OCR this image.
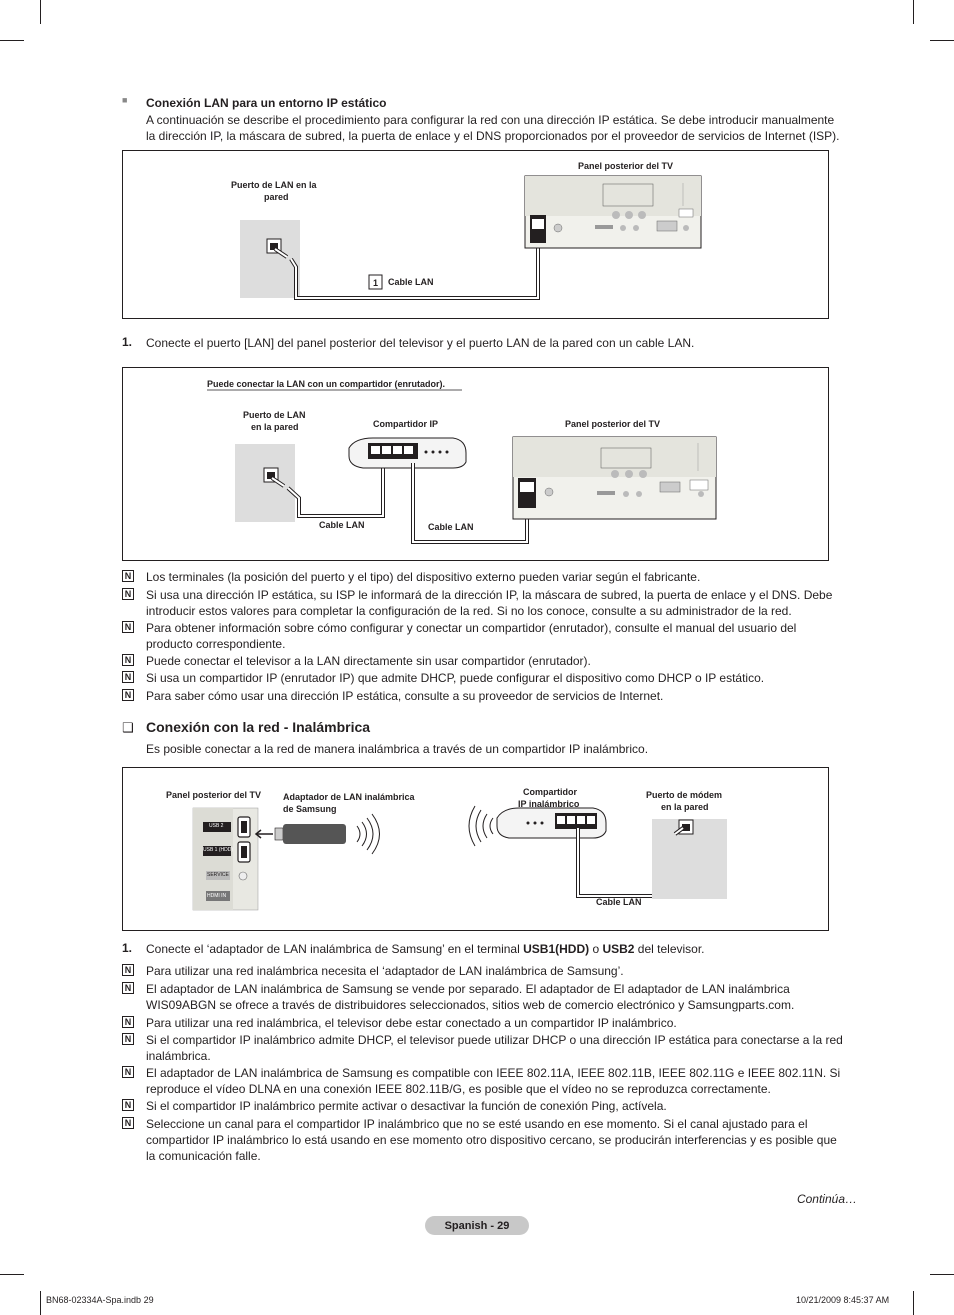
■ Conexión LAN para un entorno IP estático
A continuación se describe el procedimiento para configurar la red con una dirección IP estática. Se debe introducir manualmente
la dirección IP, la máscara de subred, la puerta de enlace y el DNS proporcionados por el proveedor de servicios de Internet (ISP).
Panel posterior del TV
Puerto de LAN en la
pared
1 Cable LAN
1. Conecte el puerto [LAN] del panel posterior del televisor y el puerto LAN de la pared con un cable LAN.
Puede conectar la LAN con un compartidor (enrutador).
Puerto de LAN
en la pared	Compartidor IP	Panel posterior del TV
Cable LAN	Cable LAN
N Los terminales (la posición del puerto y el tipo) del dispositivo externo pueden variar según el fabricante.
N Si usa una dirección IP estática, su ISP le informará de la dirección IP, la máscara de subred, la puerta de enlace y el DNS. Debe
introducir estos valores para completar la configuración de la red. Si no los conoce, consulte a su administrador de la red.
N Para obtener información sobre cómo configurar y conectar un compartidor (enrutador), consulte el manual del usuario del
producto correspondiente.
N Puede conectar el televisor a la LAN directamente sin usar compartidor (enrutador).
N Si usa un compartidor IP (enrutador IP) que admite DHCP, puede configurar el dispositivo como DHCP o IP estático.
N Para saber cómo usar una dirección IP estática, consulte a su proveedor de servicios de Internet.
❑ Conexión con la red - Inalámbrica
Es posible conectar a la red de manera inalámbrica a través de un compartidor IP inalámbrico.
Panel posterior del TV Adaptador de LAN inalámbrica
de Samsung
Compartidor
IP inalámbrico
Puerto de módem
en la pared
Cable LAN
USB 2
USB 1 (HDD)
SERVICE
HDMI IN
1. Conecte el ‘adaptador de LAN inalámbrica de Samsung’ en el terminal USB1(HDD) o USB2 del televisor.
N Para utilizar una red inalámbrica necesita el ‘adaptador de LAN inalámbrica de Samsung’.
N El adaptador de LAN inalámbrica de Samsung se vende por separado. El adaptador de El adaptador de LAN inalámbrica
WIS09ABGN se ofrece a través de distribuidores seleccionados, sitios web de comercio electrónico y Samsungparts.com.
N Para utilizar una red inalámbrica, el televisor debe estar conectado a un compartidor IP inalámbrico.
N Si el compartidor IP inalámbrico admite DHCP, el televisor puede utilizar DHCP o una dirección IP estática para conectarse a la red
inalámbrica.
N El adaptador de LAN inalámbrica de Samsung es compatible con IEEE 802.11A, IEEE 802.11B, IEEE 802.11G e IEEE 802.11N. Si
reproduce el vídeo DLNA en una conexión IEEE 802.11B/G, es posible que el vídeo no se reproduzca correctamente.
N Si el compartidor IP inalámbrico permite activar o desactivar la función de conexión Ping, actívela.
N Seleccione un canal para el compartidor IP inalámbrico que no se esté usando en ese momento. Si el canal ajustado para el
compartidor IP inalámbrico lo está usando en ese momento otro dispositivo cercano, se producirán interferencias y es posible que
la comunicación falle.
Continúa…
Spanish - 29
BN68-02334A-Spa.indb 29	10/21/2009 8:45:37 AM
